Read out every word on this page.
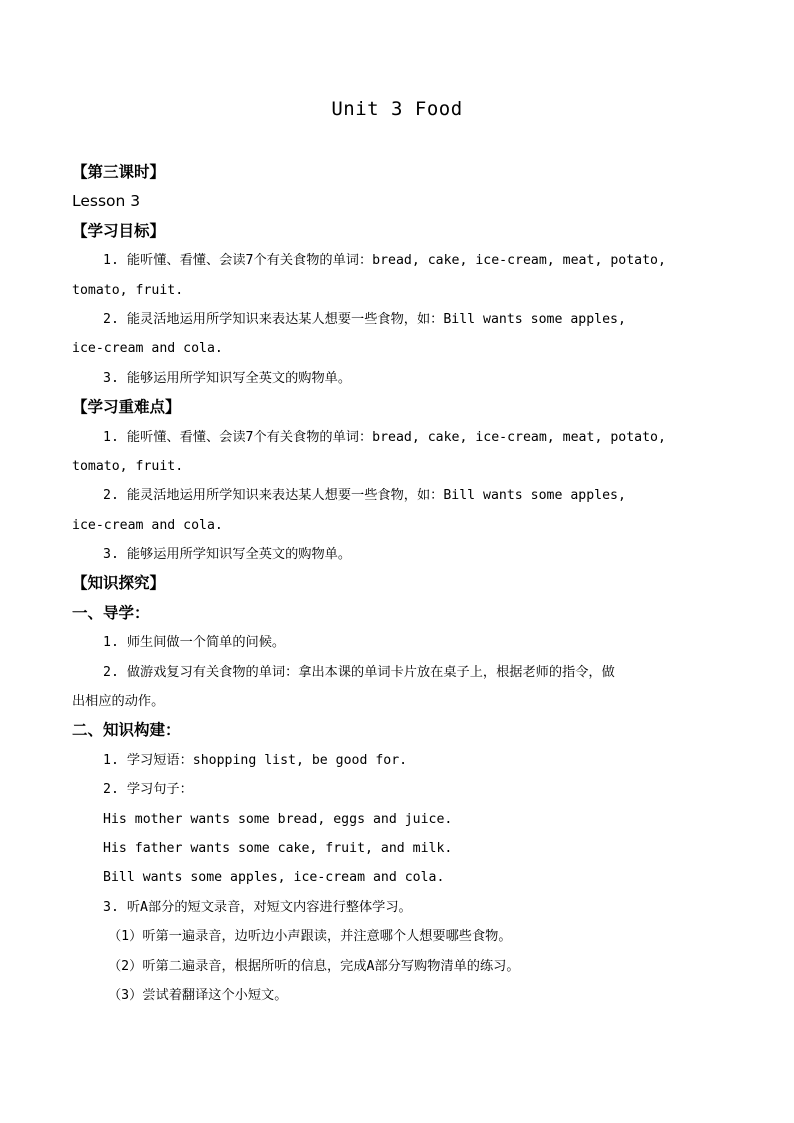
Unit 3 Food
【第三课时】
Lesson 3
【学习目标】
1. 能听懂、看懂、会读7个有关食物的单词：bread, cake, ice-cream, meat, potato,
tomato, fruit.
2. 能灵活地运用所学知识来表达某人想要一些食物，如：Bill wants some apples,
ice-cream and cola.
3. 能够运用所学知识写全英文的购物单。
【学习重难点】
1. 能听懂、看懂、会读7个有关食物的单词：bread, cake, ice-cream, meat, potato,
tomato, fruit.
2. 能灵活地运用所学知识来表达某人想要一些食物，如：Bill wants some apples,
ice-cream and cola.
3. 能够运用所学知识写全英文的购物单。
【知识探究】
一、导学：
1. 师生间做一个简单的问候。
2. 做游戏复习有关食物的单词：拿出本课的单词卡片放在桌子上，根据老师的指令，做
出相应的动作。
二、知识构建：
1. 学习短语：shopping list, be good for.
2. 学习句子：
His mother wants some bread, eggs and juice.
His father wants some cake, fruit, and milk.
Bill wants some apples, ice-cream and cola.
3. 听A部分的短文录音，对短文内容进行整体学习。
（1）听第一遍录音，边听边小声跟读，并注意哪个人想要哪些食物。
（2）听第二遍录音，根据所听的信息，完成A部分写购物清单的练习。
（3）尝试着翻译这个小短文。
